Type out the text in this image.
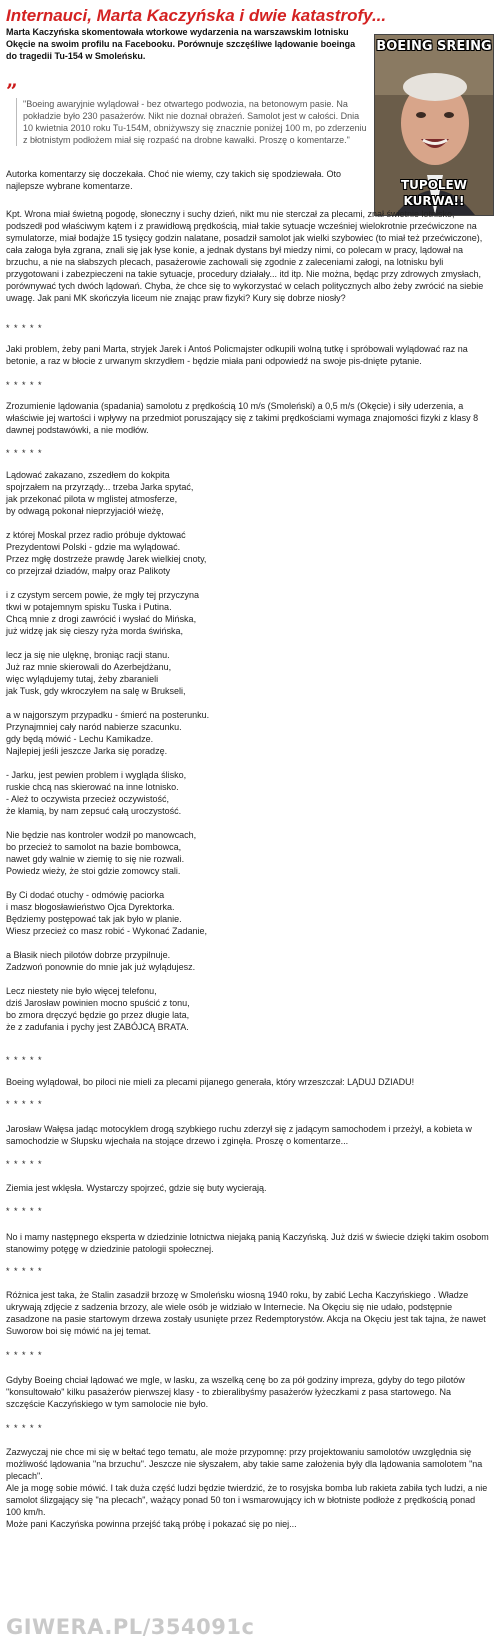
Internauci, Marta Kaczyńska i dwie katastrofy...

Marta Kaczyńska skomentowała wtorkowe wydarzenia na warszawskim lotnisku Okęcie na swoim profilu na Facebooku. Porównuje szczęśliwe lądowanie boeinga do tragedii Tu-154 w Smoleńsku.

”

"Boeing awaryjnie wylądował - bez otwartego podwozia, na betonowym pasie. Na pokładzie było 230 pasażerów. Nikt nie doznał obrażeń. Samolot jest w całości. Dnia 10 kwietnia 2010 roku Tu-154M, obniżywszy się znacznie poniżej 100 m, po zderzeniu z błotnistym podłożem miał się rozpaść na drobne kawałki. Proszę o komentarze."

BOEING SREING
TUPOLEW
KURWA!!

Autorka komentarzy się doczekała. Choć nie wiemy, czy takich się spodziewała. Oto najlepsze wybrane komentarze.

Kpt. Wrona miał świetną pogodę, słoneczny i suchy dzień, nikt mu nie sterczał za plecami, znał świetnie lotnisko, podszedł pod właściwym kątem i z prawidłową prędkością, miał takie sytuacje wcześniej wielokrotnie przećwiczone na symulatorze, miał bodajże 15 tysięcy godzin nalatane, posadził samolot jak wielki szybowiec (to miał też przećwiczone), cała załoga była zgrana, znali się jak łyse konie, a jednak dystans był miedzy nimi, co polecam w pracy, lądował na brzuchu, a nie na słabszych plecach, pasażerowie zachowali się zgodnie z zaleceniami załogi, na lotnisku byli przygotowani i zabezpieczeni na takie sytuacje, procedury działały... itd itp. Nie można, będąc przy zdrowych zmysłach, porównywać tych dwóch lądowań. Chyba, że chce się to wykorzystać w celach politycznych albo żeby zwrócić na siebie uwagę. Jak pani MK skończyła liceum nie znając praw fizyki? Kury się dobrze niosły?

* * * * *

Jaki problem, żeby pani Marta, stryjek Jarek i Antoś Policmajster odkupili wolną tutkę i spróbowali wylądować raz na betonie, a raz w błocie z urwanym skrzydłem - będzie miała pani odpowiedź na swoje pis-dnięte pytanie.

* * * * *

Zrozumienie lądowania (spadania) samolotu z prędkością 10 m/s (Smoleński) a 0,5 m/s (Okęcie) i siły uderzenia, a właściwie jej wartości i wpływy na przedmiot poruszający się z takimi prędkościami wymaga znajomości fizyki z klasy 8 dawnej podstawówki, a nie modłów.

* * * * *

Lądować zakazano, zszedłem do kokpita
spojrzałem na przyrządy... trzeba Jarka spytać,
jak przekonać pilota w mglistej atmosferze,
by odwagą pokonał nieprzyjaciół wieżę,

z której Moskal przez radio próbuje dyktować
Prezydentowi Polski - gdzie ma wylądować.
Przez mgłę dostrzeże prawdę Jarek wielkiej cnoty,
co przejrzał dziadów, małpy oraz Palikoty

i z czystym sercem powie, że mgły tej przyczyna
tkwi w potajemnym spisku Tuska i Putina.
Chcą mnie z drogi zawrócić i wysłać do Mińska,
już widzę jak się cieszy ryża morda świńska,

lecz ja się nie ulęknę, broniąc racji stanu.
Już raz mnie skierowali do Azerbejdżanu,
więc wylądujemy tutaj, żeby zbaranieli
jak Tusk, gdy wkroczyłem na salę w Brukseli,

a w najgorszym przypadku - śmierć na posterunku.
Przynajmniej cały naród nabierze szacunku.
gdy będą mówić - Lechu Kamikadze.
Najlepiej jeśli jeszcze Jarka się poradzę.

- Jarku, jest pewien problem i wygląda ślisko,
ruskie chcą nas skierować na inne lotnisko.
- Ależ to oczywista przecież oczywistość,
że kłamią, by nam zepsuć całą uroczystość.

Nie będzie nas kontroler wodził po manowcach,
bo przecież to samolot na bazie bombowca,
nawet gdy walnie w ziemię to się nie rozwali.
Powiedz wieży, że stoi gdzie zomowcy stali.

By Ci dodać otuchy - odmówię paciorka
i masz błogosławieństwo Ojca Dyrektorka.
Będziemy postępować tak jak było w planie.
Wiesz przecież co masz robić - Wykonać Zadanie,

a Błasik niech pilotów dobrze przypilnuje.
Zadzwoń ponownie do mnie jak już wylądujesz.

Lecz niestety nie było więcej telefonu,
dziś Jarosław powinien mocno spuścić z tonu,
bo zmora dręczyć będzie go przez długie lata,
że z zadufania i pychy jest ZABÓJCĄ BRATA.

* * * * *

Boeing wylądował, bo piloci nie mieli za plecami pijanego generała, który wrzeszczał: LĄDUJ DZIADU!

* * * * *

Jarosław Wałęsa jadąc motocyklem drogą szybkiego ruchu zderzył się z jadącym samochodem i przeżył, a kobieta w samochodzie w Słupsku wjechała na stojące drzewo i zginęła. Proszę o komentarze...

* * * * *

Ziemia jest wklęsła. Wystarczy spojrzeć, gdzie się buty wycierają.

* * * * *

No i mamy następnego eksperta w dziedzinie lotnictwa niejaką panią Kaczyńską. Już dziś w świecie dzięki takim osobom stanowimy potęgę w dziedzinie patologii społecznej.

* * * * *

Różnica jest taka, że Stalin zasadził brzozę w Smoleńsku wiosną 1940 roku, by zabić Lecha Kaczyńskiego . Władze ukrywają zdjęcie z sadzenia brzozy, ale wiele osób je widziało w Internecie. Na Okęciu się nie udało, podstępnie zasadzone na pasie startowym drzewa zostały usunięte przez Redemptorystów. Akcja na Okęciu jest tak tajna, że nawet Suworow boi się mówić na jej temat.

* * * * *

Gdyby Boeing chciał lądować we mgle, w lasku, za wszelką cenę bo za pół godziny impreza, gdyby do tego pilotów "konsultowało" kilku pasażerów pierwszej klasy - to zbieralibyśmy pasażerów łyżeczkami z pasa startowego. Na szczęście Kaczyńskiego w tym samolocie nie było.

* * * * *

Zazwyczaj nie chce mi się w bełtać tego tematu, ale może przypomnę: przy projektowaniu samolotów uwzględnia się możliwość lądowania "na brzuchu". Jeszcze nie słyszałem, aby takie same założenia były dla lądowania samolotem "na plecach".
Ale ja mogę sobie mówić. I tak duża część ludzi będzie twierdzić, że to rosyjska bomba lub rakieta zabiła tych ludzi, a nie samolot ślizgający się "na plecach", ważący ponad 50 ton i wsmarowujący ich w błotniste podłoże z prędkością ponad 100 km/h.
Może pani Kaczyńska powinna przejść taką próbę i pokazać się po niej...

GIWERA.PL/354091c
